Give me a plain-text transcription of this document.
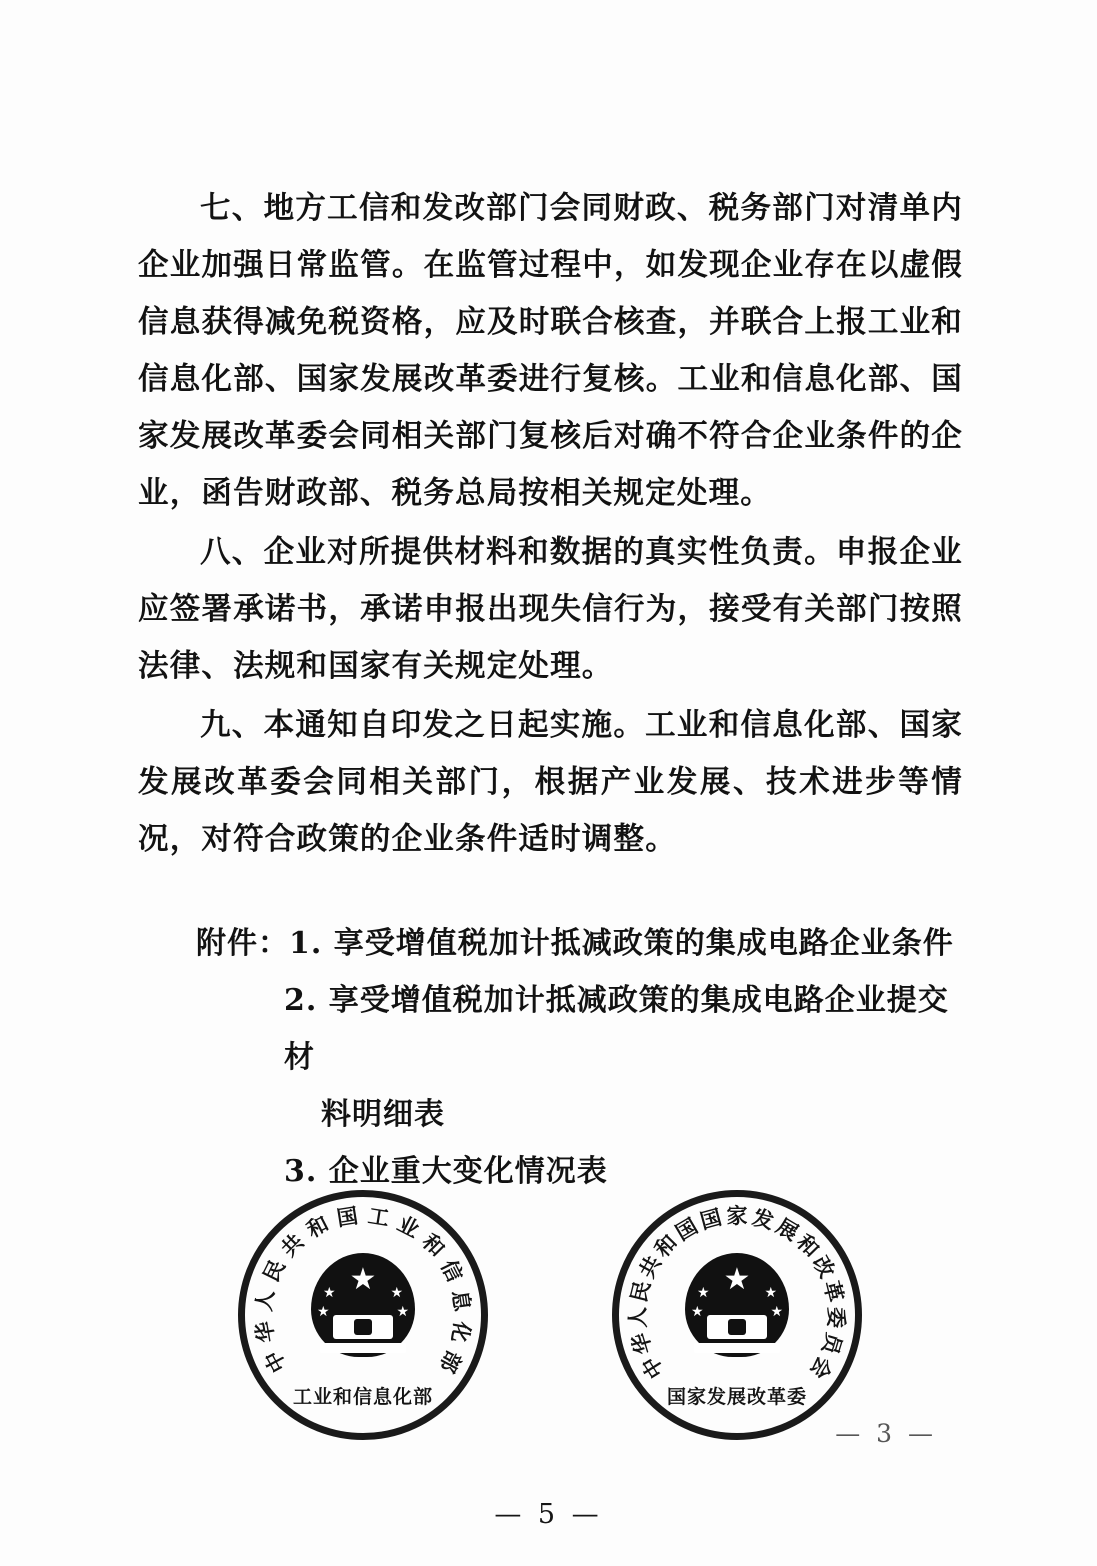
七、地方工信和发改部门会同财政、税务部门对清单内企业加强日常监管。在监管过程中，如发现企业存在以虚假信息获得减免税资格，应及时联合核查，并联合上报工业和信息化部、国家发展改革委进行复核。工业和信息化部、国家发展改革委会同相关部门复核后对确不符合企业条件的企业，函告财政部、税务总局按相关规定处理。

八、企业对所提供材料和数据的真实性负责。申报企业应签署承诺书，承诺申报出现失信行为，接受有关部门按照法律、法规和国家有关规定处理。

九、本通知自印发之日起实施。工业和信息化部、国家发展改革委会同相关部门，根据产业发展、技术进步等情况，对符合政策的企业条件适时调整。

附件：1. 享受增值税加计抵减政策的集成电路企业条件
2. 享受增值税加计抵减政策的集成电路企业提交材
料明细表
3. 企业重大变化情况表
中
华
人
民
共
和 国 工 业
和
信
息
化
部
★
★
★
★
★
工业和信息化部
中
华
人
民
共
和
国
国 家 发
展
和
改
革
委
员
会
★
★
★
★
★
国家发展改革委
— 3 —
— 5 —
